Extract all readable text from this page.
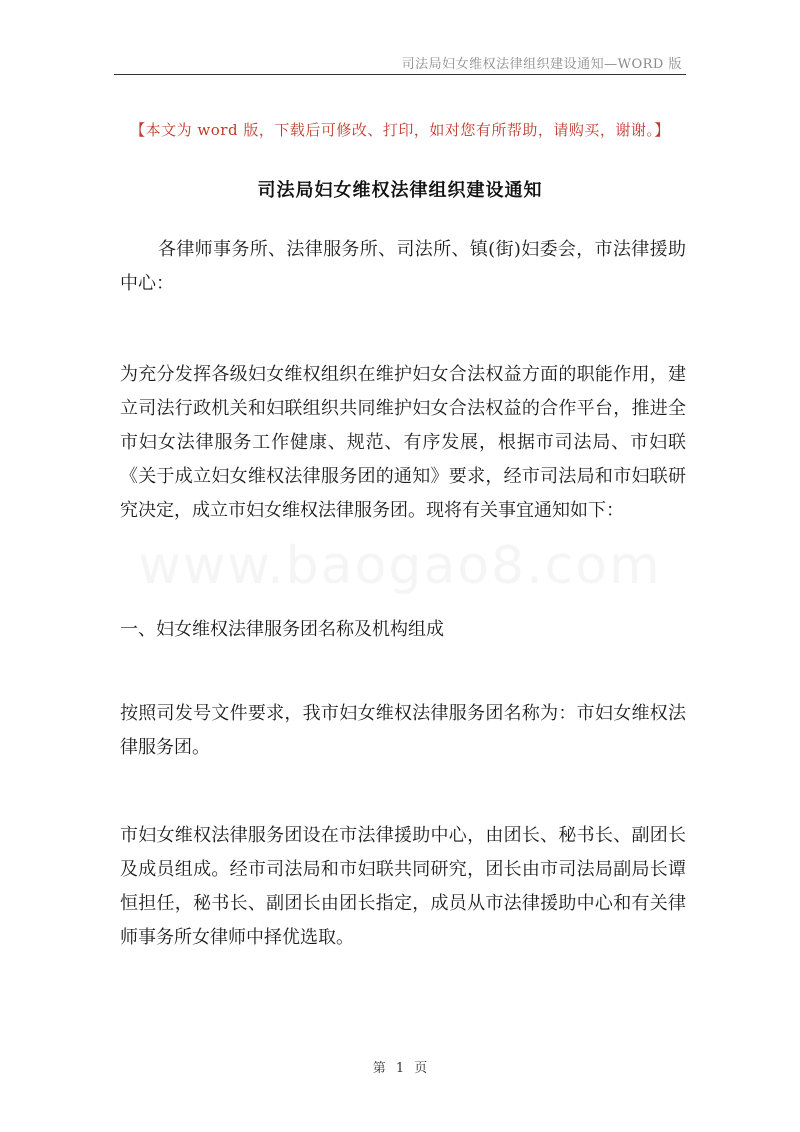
司法局妇女维权法律组织建设通知—WORD 版
【本文为 word 版，下载后可修改、打印，如对您有所帮助，请购买，谢谢。】
司法局妇女维权法律组织建设通知
各律师事务所、法律服务所、司法所、镇(街)妇委会，市法律援助中心：
为充分发挥各级妇女维权组织在维护妇女合法权益方面的职能作用，建立司法行政机关和妇联组织共同维护妇女合法权益的合作平台，推进全市妇女法律服务工作健康、规范、有序发展，根据市司法局、市妇联《关于成立妇女维权法律服务团的通知》要求，经市司法局和市妇联研究决定，成立市妇女维权法律服务团。现将有关事宜通知如下：
www.baogao8.com
一、妇女维权法律服务团名称及机构组成
按照司发号文件要求，我市妇女维权法律服务团名称为：市妇女维权法律服务团。
市妇女维权法律服务团设在市法律援助中心，由团长、秘书长、副团长及成员组成。经市司法局和市妇联共同研究，团长由市司法局副局长谭恒担任，秘书长、副团长由团长指定，成员从市法律援助中心和有关律师事务所女律师中择优选取。
第 1 页
